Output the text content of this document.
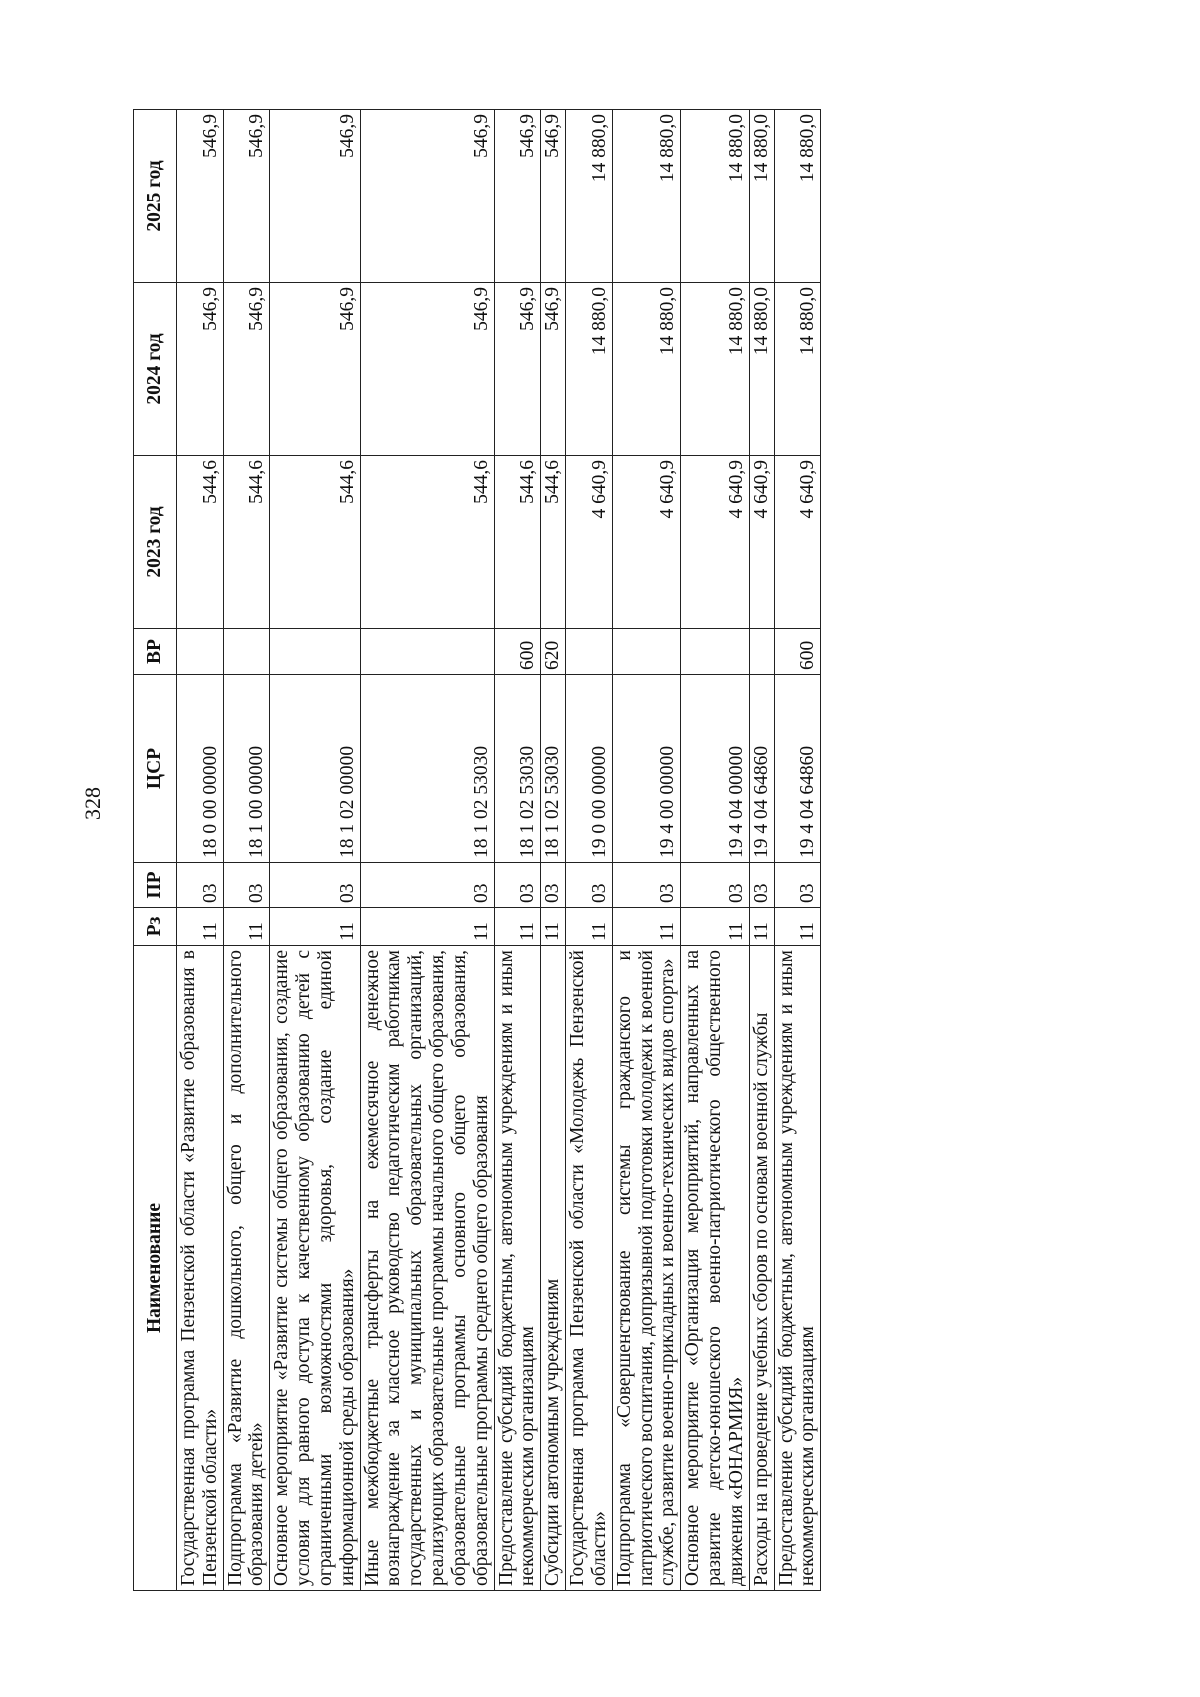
328
Наименование	Рз	ПР	ЦСР	ВР	2023 год	2024 год	2025 год
Государственная программа Пензенской области «Развитие образования в Пензенской области»	11	03	18 0 00 00000		544,6	546,9	546,9
Подпрограмма «Развитие дошкольного, общего и дополнительного образования детей»	11	03	18 1 00 00000		544,6	546,9	546,9
Основное мероприятие «Развитие системы общего образования, создание условия для равного доступа к качественному образованию детей с ограниченными возможностями здоровья, создание единой информационной среды образования»	11	03	18 1 02 00000		544,6	546,9	546,9
Иные межбюджетные трансферты на ежемесячное денежное вознаграждение за классное руководство педагогическим работникам государственных и муниципальных образовательных организаций, реализующих образовательные программы начального общего образования, образовательные программы основного общего образования, образовательные программы среднего общего образования	11	03	18 1 02 53030		544,6	546,9	546,9
Предоставление субсидий бюджетным, автономным учреждениям и иным некоммерческим организациям	11	03	18 1 02 53030	600	544,6	546,9	546,9
Субсидии автономным учреждениям	11	03	18 1 02 53030	620	544,6	546,9	546,9
Государственная программа Пензенской области «Молодежь Пензенской области»	11	03	19 0 00 00000		4 640,9	14 880,0	14 880,0
Подпрограмма «Совершенствование системы гражданского и патриотического воспитания, допризывной подготовки молодежи к военной службе, развитие военно-прикладных и военно-технических видов спорта»	11	03	19 4 00 00000		4 640,9	14 880,0	14 880,0
Основное мероприятие «Организация мероприятий, направленных на развитие детско-юношеского военно-патриотического общественного движения «ЮНАРМИЯ»	11	03	19 4 04 00000		4 640,9	14 880,0	14 880,0
Расходы на проведение учебных сборов по основам военной службы	11	03	19 4 04 64860		4 640,9	14 880,0	14 880,0
Предоставление субсидий бюджетным, автономным учреждениям и иным некоммерческим организациям	11	03	19 4 04 64860	600	4 640,9	14 880,0	14 880,0
